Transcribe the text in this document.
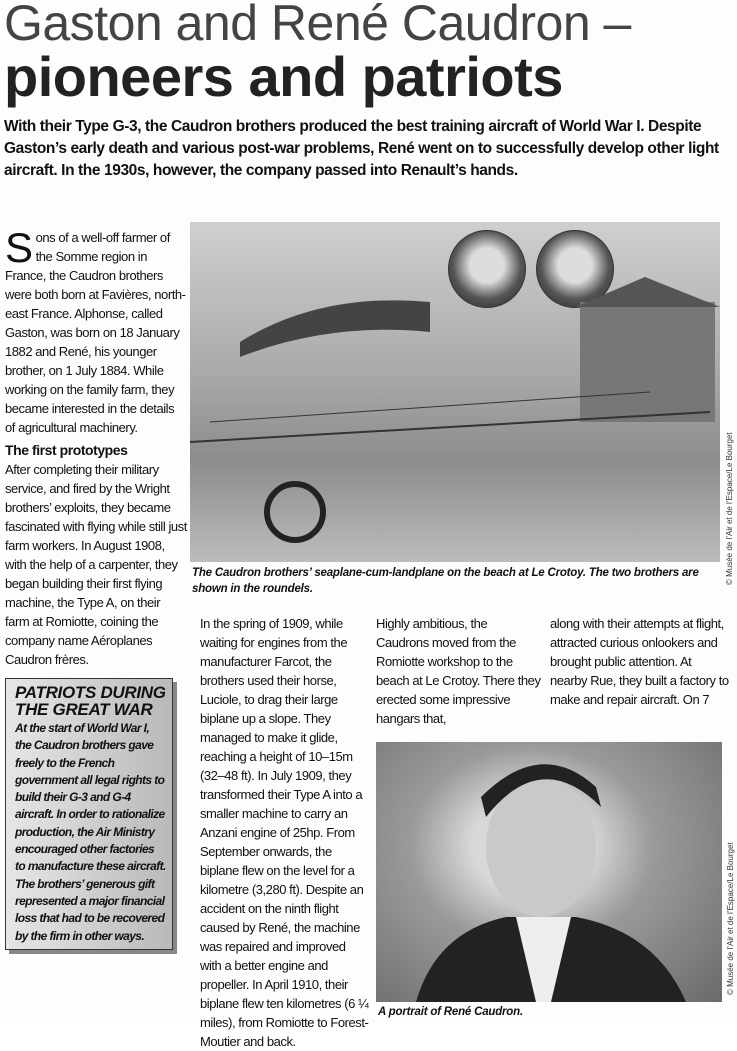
Gaston and René Caudron –
pioneers and patriots
With their Type G-3, the Caudron brothers produced the best training aircraft of World War I. Despite Gaston’s early death and various post-war problems, René went on to successfully develop other light aircraft. In the 1930s, however, the company passed into Renault’s hands.
Sons of a well-off farmer of the Somme region in France, the Caudron brothers were both born at Favières, north-east France. Alphonse, called Gaston, was born on 18 January 1882 and René, his younger brother, on 1 July 1884. While working on the family farm, they became interested in the details of agricultural machinery.
The first prototypes
After completing their military service, and fired by the Wright brothers’ exploits, they became fascinated with flying while still just farm workers. In August 1908, with the help of a carpenter, they began building their first flying machine, the Type A, on their farm at Romiotte, coining the company name Aéroplanes Caudron frères.
© Musée de l’Air et de l’Espace/Le Bourget
The Caudron brothers’ seaplane-cum-landplane on the beach at Le Crotoy. The two brothers are shown in the roundels.
In the spring of 1909, while waiting for engines from the manufacturer Farcot, the brothers used their horse, Luciole, to drag their large biplane up a slope. They managed to make it glide, reaching a height of 10–15m (32–48 ft). In July 1909, they transformed their Type A into a smaller machine to carry an Anzani engine of 25hp. From September onwards, the biplane flew on the level for a kilometre (3,280 ft). Despite an accident on the ninth flight caused by René, the machine was repaired and improved with a better engine and propeller. In April 1910, their biplane flew ten kilometres (6 ¼ miles), from Romiotte to Forest-Moutier and back.
Highly ambitious, the Caudrons moved from the Romiotte workshop to the beach at Le Crotoy. There they erected some impressive hangars that,
along with their attempts at flight, attracted curious onlookers and brought public attention. At nearby Rue, they built a factory to make and repair aircraft. On 7
PATRIOTS DURING THE GREAT WAR

At the start of World War I, the Caudron brothers gave freely to the French government all legal rights to build their G-3 and G-4 aircraft. In order to rationalize production, the Air Ministry encouraged other factories to manufacture these aircraft. The brothers’ generous gift represented a major financial loss that had to be recovered by the firm in other ways.	© Musée de l’Air et de l’Espace/Le Bourget
A portrait of René Caudron.
